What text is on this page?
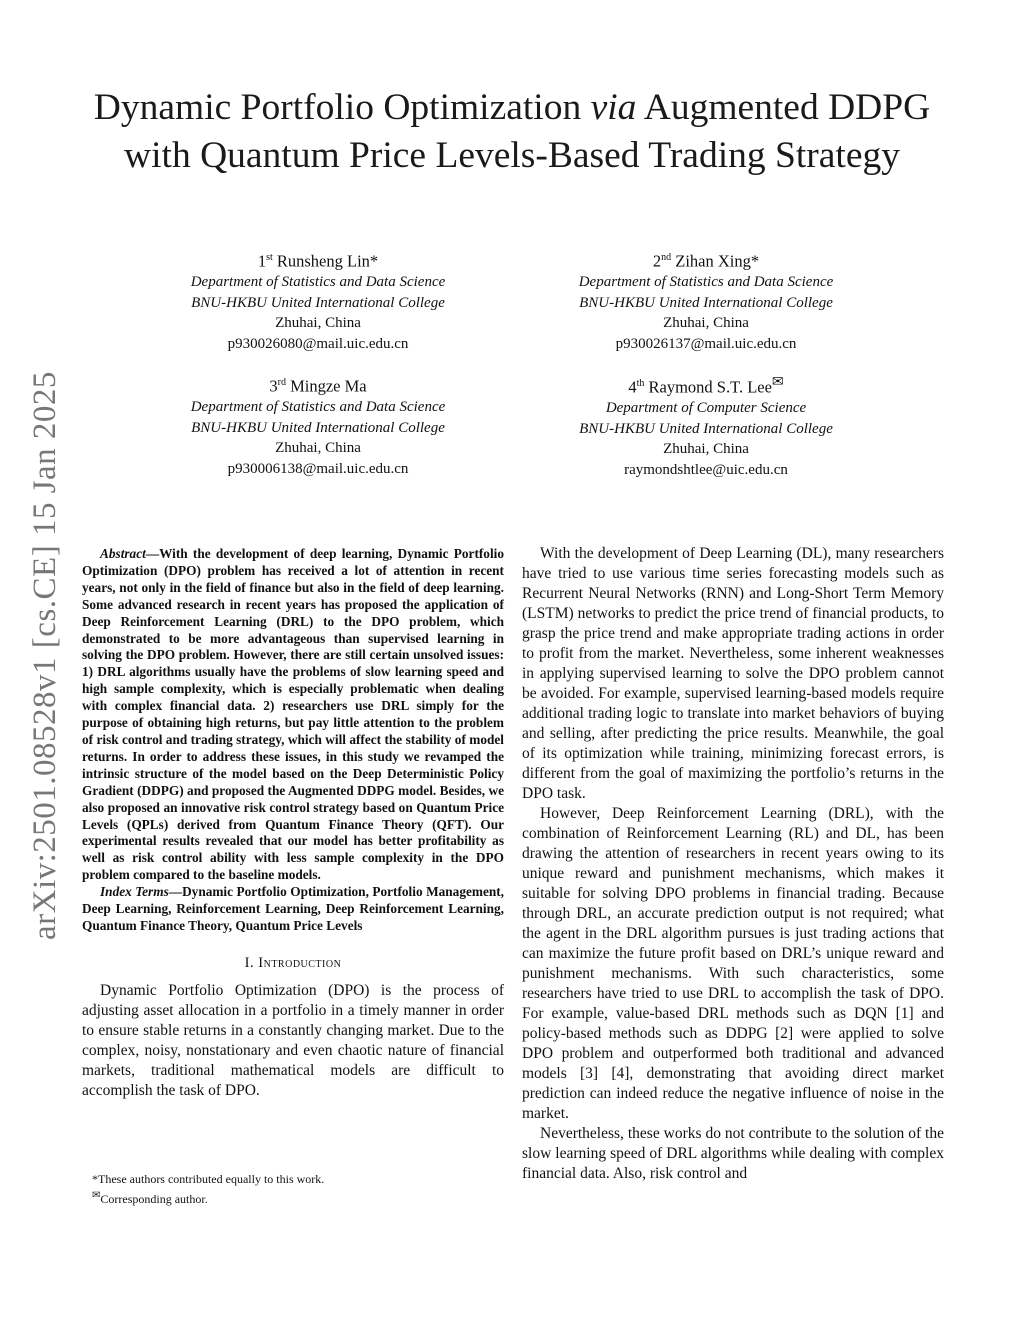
arXiv:2501.08528v1 [cs.CE] 15 Jan 2025
Dynamic Portfolio Optimization via Augmented DDPG with Quantum Price Levels-Based Trading Strategy
1st Runsheng Lin*
Department of Statistics and Data Science
BNU-HKBU United International College
Zhuhai, China
p930026080@mail.uic.edu.cn
2nd Zihan Xing*
Department of Statistics and Data Science
BNU-HKBU United International College
Zhuhai, China
p930026137@mail.uic.edu.cn
3rd Mingze Ma
Department of Statistics and Data Science
BNU-HKBU United International College
Zhuhai, China
p930006138@mail.uic.edu.cn
4th Raymond S.T. Lee✉
Department of Computer Science
BNU-HKBU United International College
Zhuhai, China
raymondshtlee@uic.edu.cn

Abstract—With the development of deep learning, Dynamic Portfolio Optimization (DPO) problem has received a lot of attention in recent years, not only in the field of finance but also in the field of deep learning. Some advanced research in recent years has proposed the application of Deep Reinforcement Learning (DRL) to the DPO problem, which demonstrated to be more advantageous than supervised learning in solving the DPO problem. However, there are still certain unsolved issues: 1) DRL algorithms usually have the problems of slow learning speed and high sample complexity, which is especially problematic when dealing with complex financial data. 2) researchers use DRL simply for the purpose of obtaining high returns, but pay little attention to the problem of risk control and trading strategy, which will affect the stability of model returns. In order to address these issues, in this study we revamped the intrinsic structure of the model based on the Deep Deterministic Policy Gradient (DDPG) and proposed the Augmented DDPG model. Besides, we also proposed an innovative risk control strategy based on Quantum Price Levels (QPLs) derived from Quantum Finance Theory (QFT). Our experimental results revealed that our model has better profitability as well as risk control ability with less sample complexity in the DPO problem compared to the baseline models.

Index Terms—Dynamic Portfolio Optimization, Portfolio Management, Deep Learning, Reinforcement Learning, Deep Reinforcement Learning, Quantum Finance Theory, Quantum Price Levels

I. Introduction

Dynamic Portfolio Optimization (DPO) is the process of adjusting asset allocation in a portfolio in a timely manner in order to ensure stable returns in a constantly changing market. Due to the complex, noisy, nonstationary and even chaotic nature of financial markets, traditional mathematical models are difficult to accomplish the task of DPO.

*These authors contributed equally to this work.
✉Corresponding author.

With the development of Deep Learning (DL), many researchers have tried to use various time series forecasting models such as Recurrent Neural Networks (RNN) and Long-Short Term Memory (LSTM) networks to predict the price trend of financial products, to grasp the price trend and make appropriate trading actions in order to profit from the market. Nevertheless, some inherent weaknesses in applying supervised learning to solve the DPO problem cannot be avoided. For example, supervised learning-based models require additional trading logic to translate into market behaviors of buying and selling, after predicting the price results. Meanwhile, the goal of its optimization while training, minimizing forecast errors, is different from the goal of maximizing the portfolio’s returns in the DPO task.

However, Deep Reinforcement Learning (DRL), with the combination of Reinforcement Learning (RL) and DL, has been drawing the attention of researchers in recent years owing to its unique reward and punishment mechanisms, which makes it suitable for solving DPO problems in financial trading. Because through DRL, an accurate prediction output is not required; what the agent in the DRL algorithm pursues is just trading actions that can maximize the future profit based on DRL’s unique reward and punishment mechanisms. With such characteristics, some researchers have tried to use DRL to accomplish the task of DPO. For example, value-based DRL methods such as DQN [1] and policy-based methods such as DDPG [2] were applied to solve DPO problem and outperformed both traditional and advanced models [3] [4], demonstrating that avoiding direct market prediction can indeed reduce the negative influence of noise in the market.

Nevertheless, these works do not contribute to the solution of the slow learning speed of DRL algorithms while dealing with complex financial data. Also, risk control and
